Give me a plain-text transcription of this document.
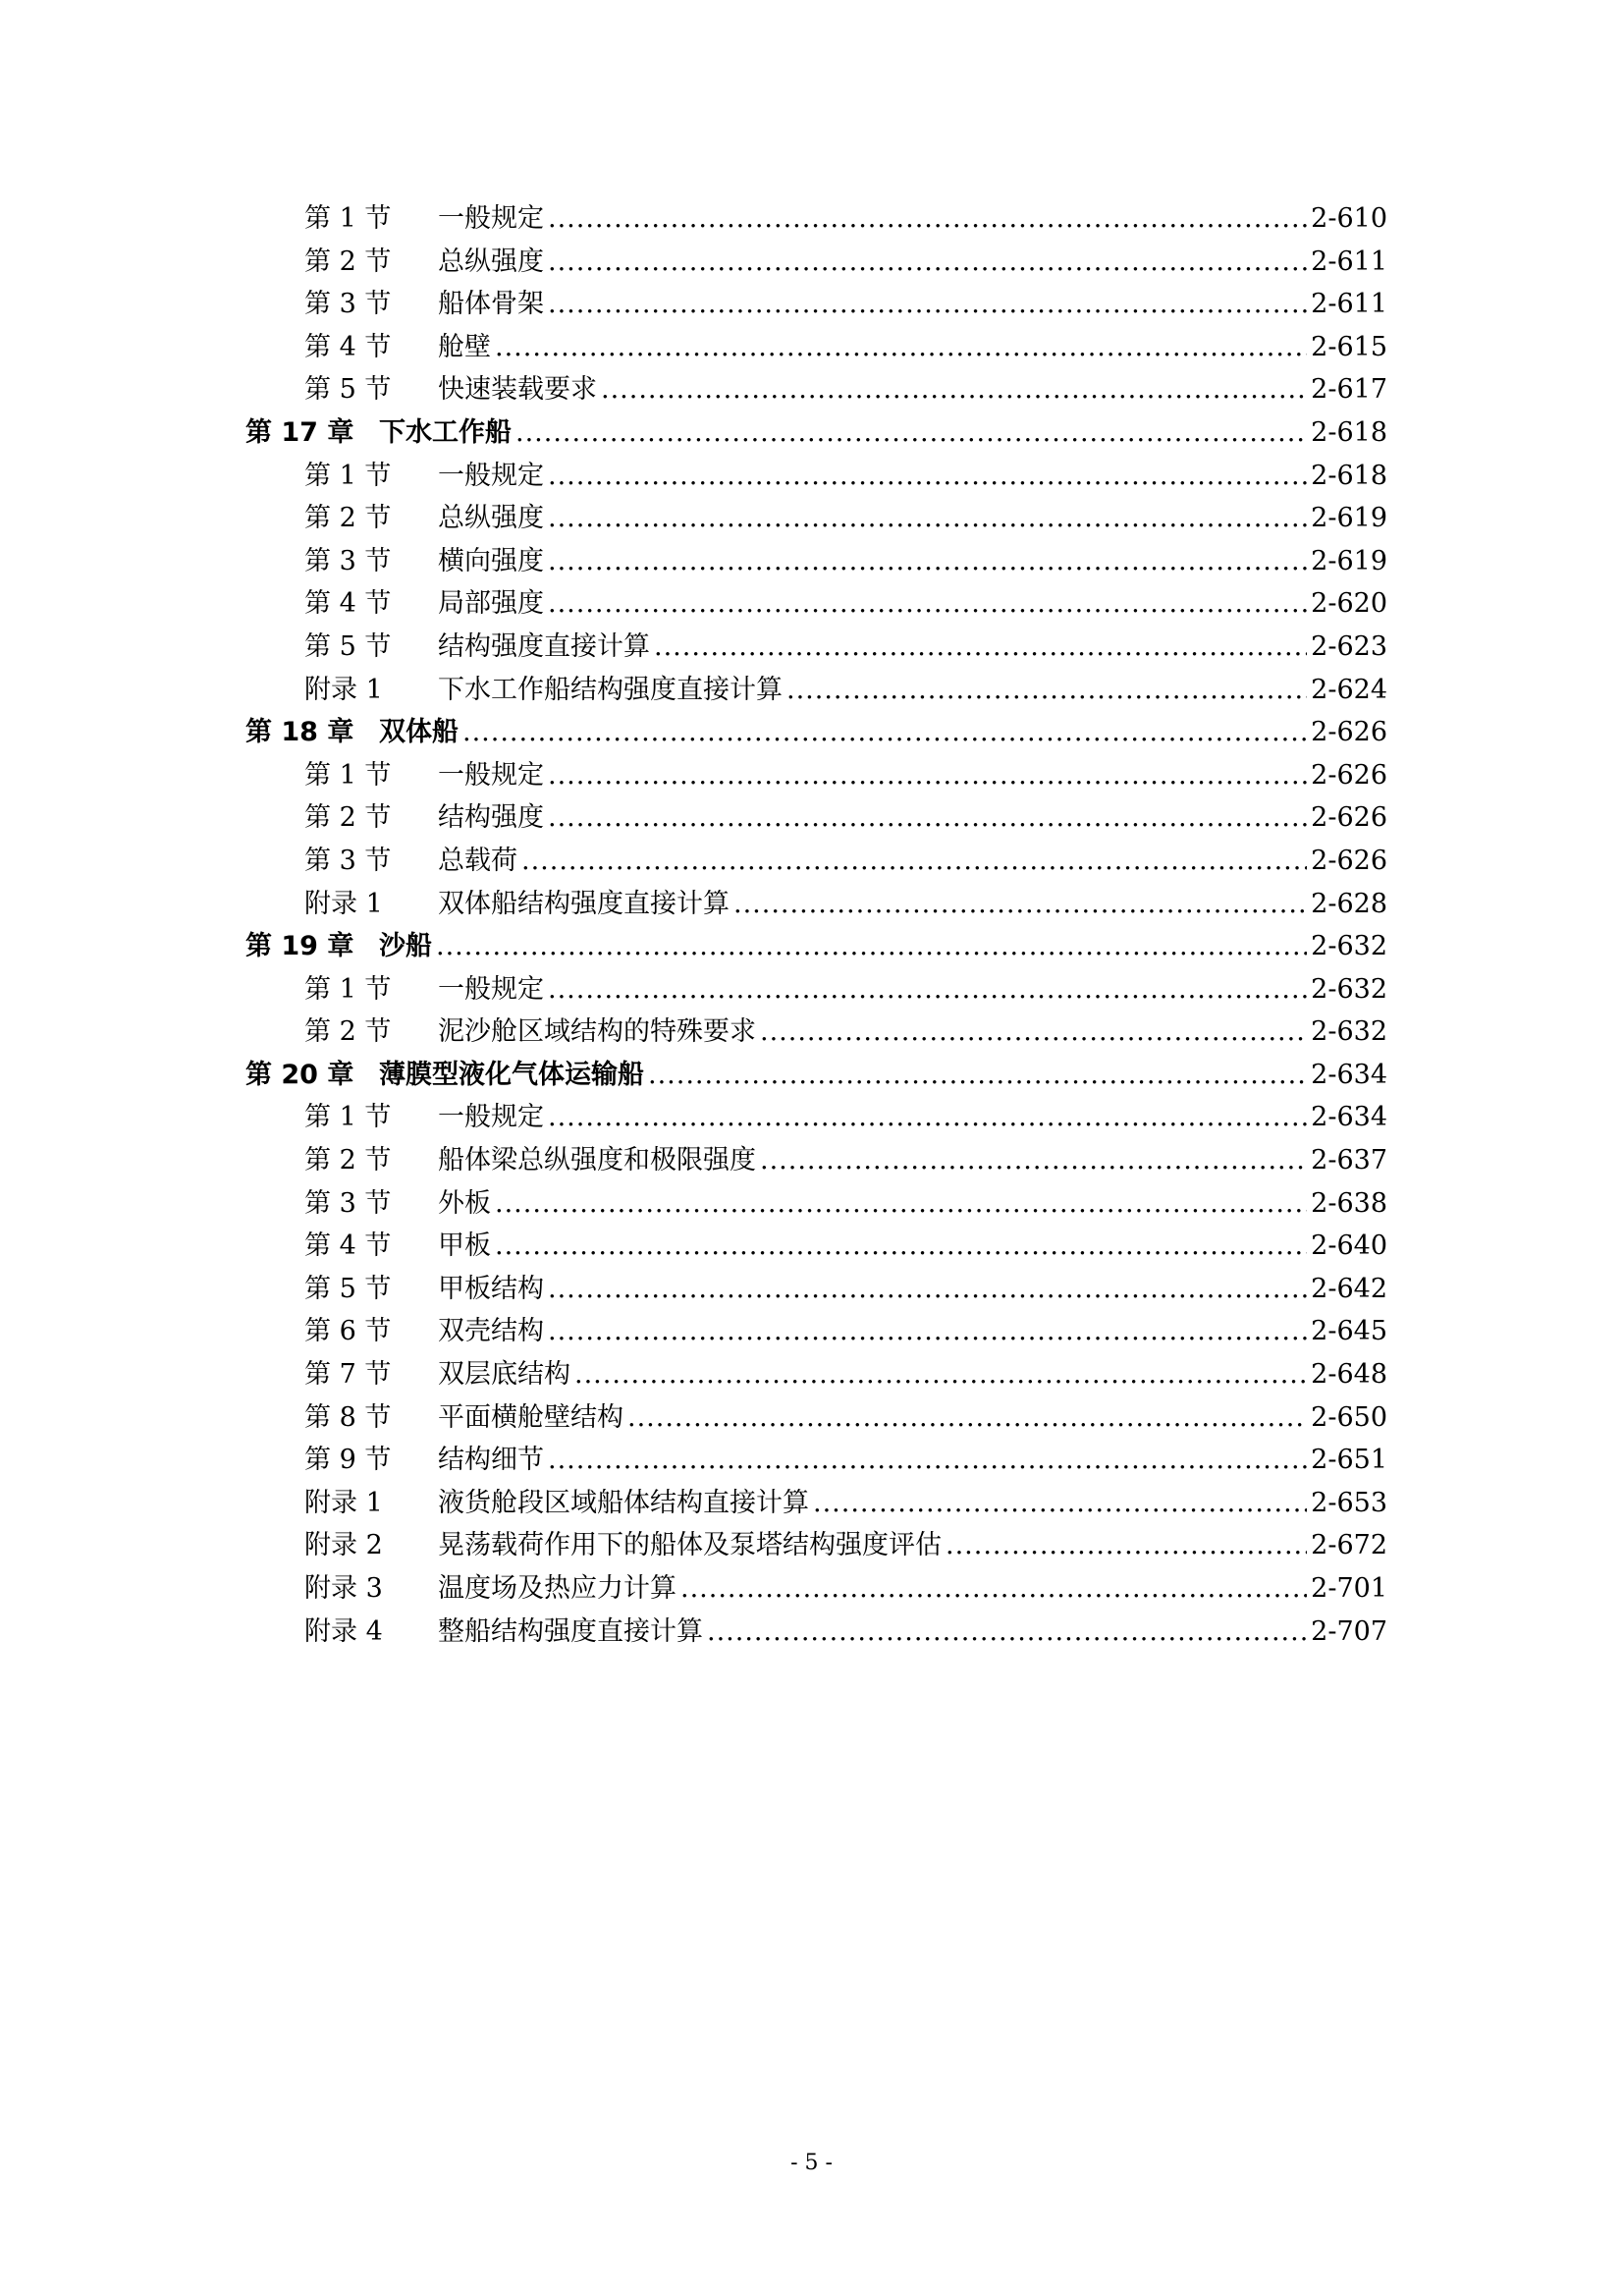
第 1 节	一般规定 .....	2-610
第 2 节	总纵强度 .....	2-611
第 3 节	船体骨架 .....	2-611
第 4 节	舱壁 .....	2-615
第 5 节	快速装载要求 .....	2-617
第 17 章 下水工作船 .....	2-618
第 1 节	一般规定 .....	2-618
第 2 节	总纵强度 .....	2-619
第 3 节	横向强度 .....	2-619
第 4 节	局部强度 .....	2-620
第 5 节	结构强度直接计算 .....	2-623
附录 1	下水工作船结构强度直接计算 .....	2-624
第 18 章 双体船 .....	2-626
第 1 节	一般规定 .....	2-626
第 2 节	结构强度 .....	2-626
第 3 节	总载荷 .....	2-626
附录 1	双体船结构强度直接计算 .....	2-628
第 19 章 沙船 .....	2-632
第 1 节	一般规定 .....	2-632
第 2 节	泥沙舱区域结构的特殊要求 .....	2-632
第 20 章 薄膜型液化气体运输船 .....	2-634
第 1 节	一般规定 .....	2-634
第 2 节	船体梁总纵强度和极限强度 .....	2-637
第 3 节	外板 .....	2-638
第 4 节	甲板 .....	2-640
第 5 节	甲板结构 .....	2-642
第 6 节	双壳结构 .....	2-645
第 7 节	双层底结构 .....	2-648
第 8 节	平面横舱壁结构 .....	2-650
第 9 节	结构细节 .....	2-651
附录 1	液货舱段区域船体结构直接计算 .....	2-653
附录 2	晃荡载荷作用下的船体及泵塔结构强度评估 .....	2-672
附录 3	温度场及热应力计算 .....	2-701
附录 4	整船结构强度直接计算 .....	2-707
- 5 -
